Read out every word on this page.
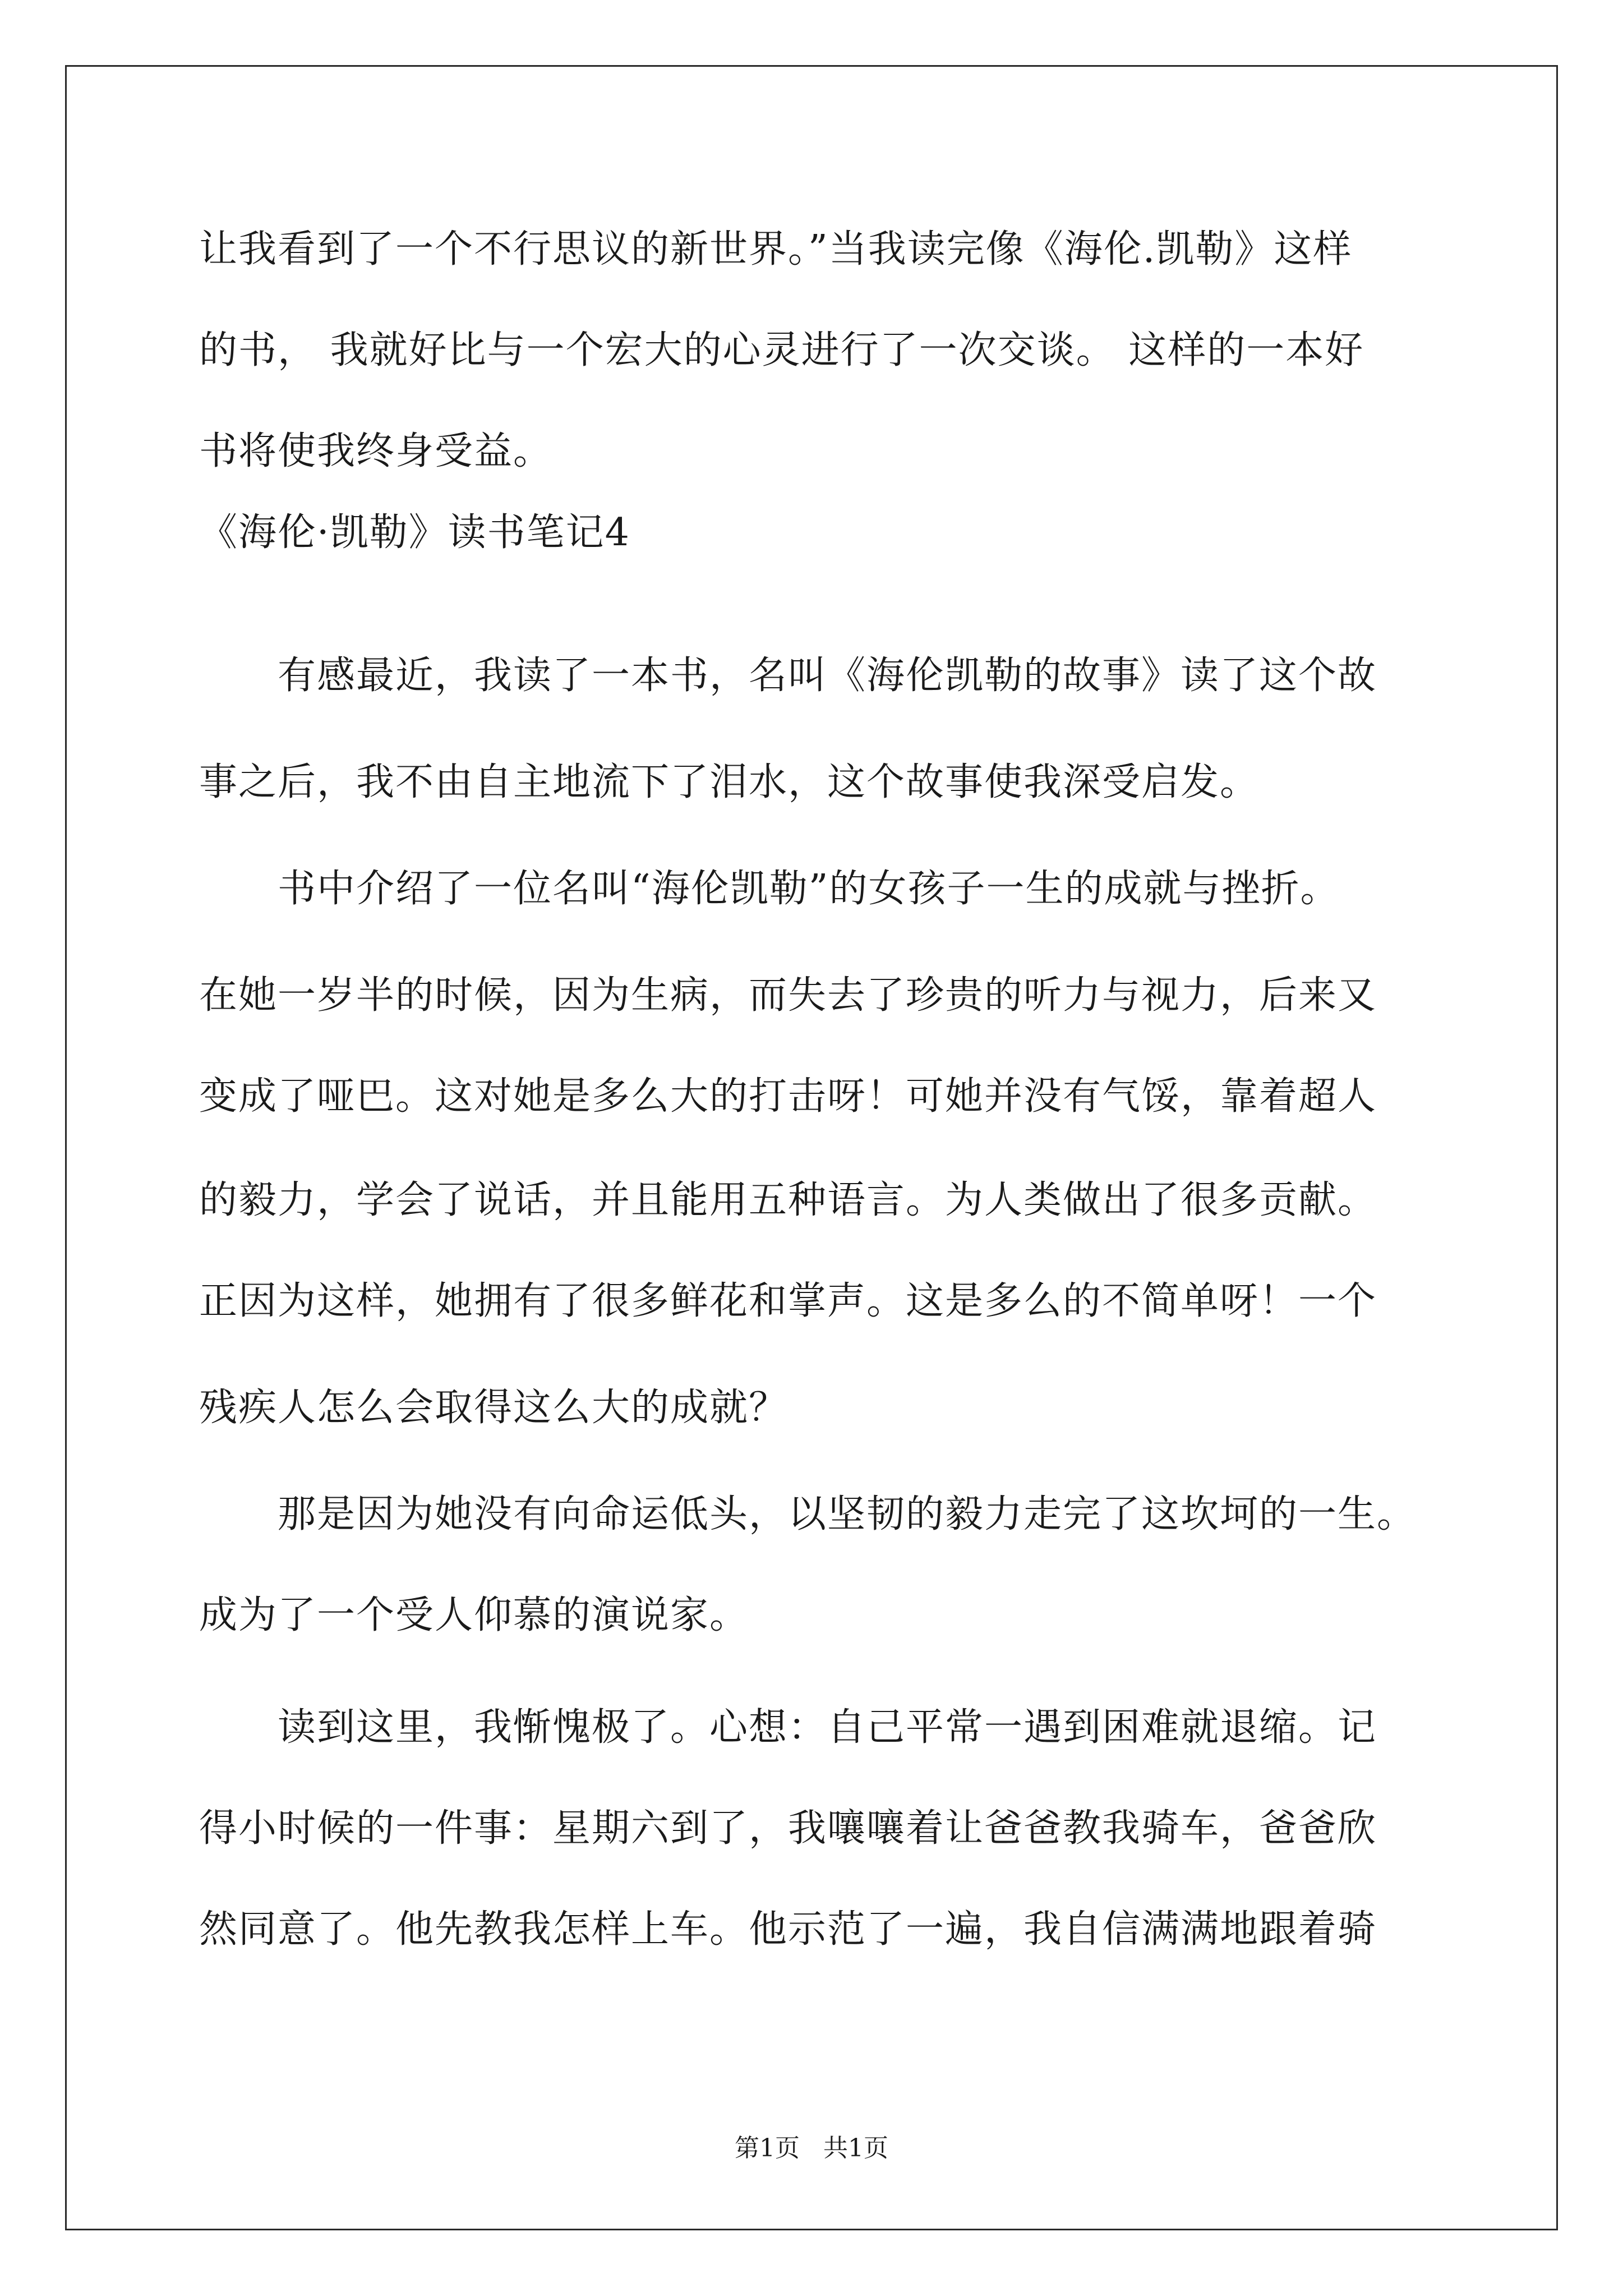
让我看到了一个不行思议的新世界。”当我读完像《海伦.凯勒》这样
的书， 我就好比与一个宏大的心灵进行了一次交谈。 这样的一本好
书将使我终身受益。
《海伦·凯勒》读书笔记4
有感最近，我读了一本书，名叫《海伦凯勒的故事》读了这个故
事之后，我不由自主地流下了泪水，这个故事使我深受启发。
书中介绍了一位名叫“海伦凯勒”的女孩子一生的成就与挫折。
在她一岁半的时候，因为生病，而失去了珍贵的听力与视力，后来又
变成了哑巴。这对她是多么大的打击呀！可她并没有气馁，靠着超人
的毅力，学会了说话，并且能用五种语言。为人类做出了很多贡献。
正因为这样，她拥有了很多鲜花和掌声。这是多么的不简单呀！一个
残疾人怎么会取得这么大的成就？
那是因为她没有向命运低头，以坚韧的毅力走完了这坎坷的一生。
成为了一个受人仰慕的演说家。
读到这里，我惭愧极了。心想：自己平常一遇到困难就退缩。记
得小时候的一件事：星期六到了，我嚷嚷着让爸爸教我骑车，爸爸欣
然同意了。他先教我怎样上车。他示范了一遍，我自信满满地跟着骑
第1页   共1页
